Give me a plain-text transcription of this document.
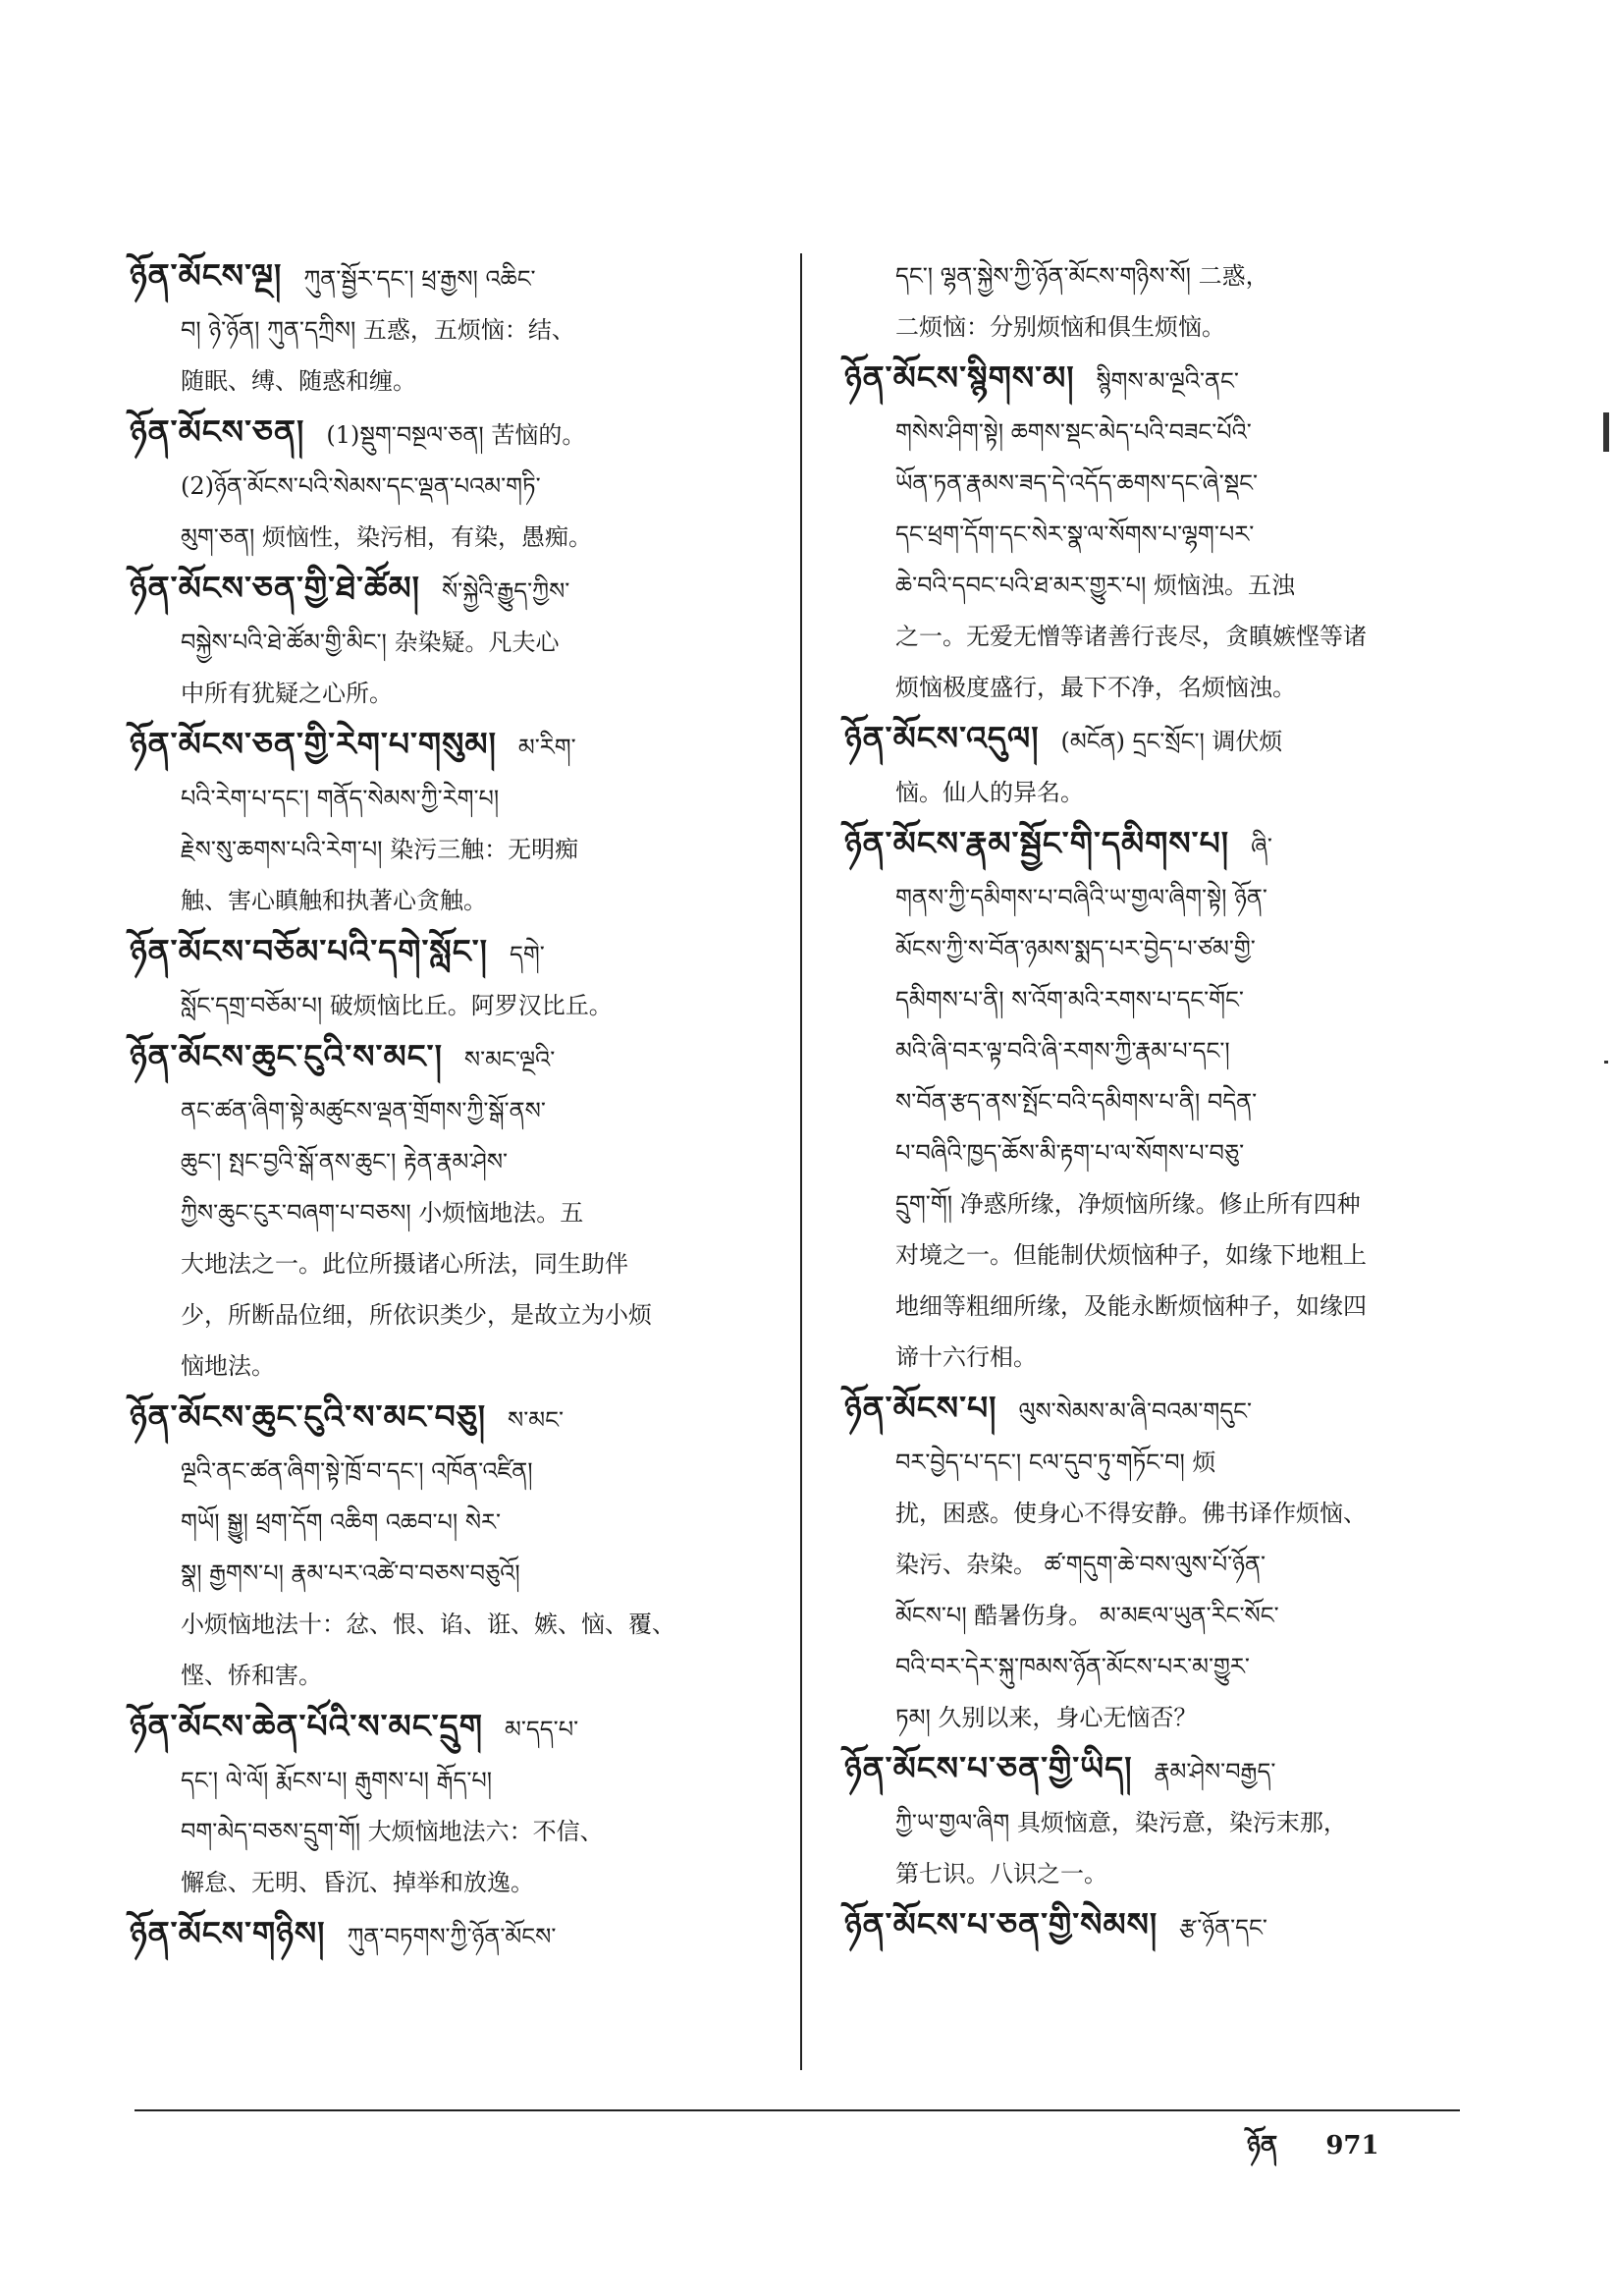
ཉོན་མོངས་ལྔ། ཀུན་སྦྱོར་དང་། ཕྲ་རྒྱས། འཆིང་
བ། ཉེ་ཉོན། ཀུན་དཀྲིས། 五惑，五烦恼：结、
随眠、缚、随惑和缠。
ཉོན་མོངས་ཅན། (1)སྡུག་བསྔལ་ཅན། 苦恼的。
(2)ཉོན་མོངས་པའི་སེམས་དང་ལྡན་པའམ་གཏི་
མུག་ཅན། 烦恼性，染污相，有染，愚痴。
ཉོན་མོངས་ཅན་གྱི་ཐེ་ཚོམ། སོ་སྐྱེའི་རྒྱུད་ཀྱིས་
བསྐྱེས་པའི་ཐེ་ཚོམ་གྱི་མིང་། 杂染疑。凡夫心
中所有犹疑之心所。
ཉོན་མོངས་ཅན་གྱི་རེག་པ་གསུམ། མ་རིག་
པའི་རེག་པ་དང་། གནོད་སེམས་ཀྱི་རེག་པ།
རྗེས་སུ་ཆགས་པའི་རེག་པ། 染污三触：无明痴
触、害心瞋触和执著心贪触。
ཉོན་མོངས་བཅོམ་པའི་དགེ་སློང་། དགེ་
སློང་དགྲ་བཅོམ་པ། 破烦恼比丘。阿罗汉比丘。
ཉོན་མོངས་ཆུང་ངུའི་ས་མང་། ས་མང་ལྔའི་
ནང་ཚན་ཞིག་སྟེ་མཚུངས་ལྡན་གྲོགས་ཀྱི་སྒོ་ནས་
ཆུང་། སྤང་བྱའི་སྒོ་ནས་ཆུང་། རྟེན་རྣམ་ཤེས་
ཀྱིས་ཆུང་ངུར་བཞག་པ་བཅས། 小烦恼地法。五
大地法之一。此位所摄诸心所法，同生助伴
少，所断品位细，所依识类少，是故立为小烦
恼地法。
ཉོན་མོངས་ཆུང་ངུའི་ས་མང་བཅུ། ས་མང་
ལྔའི་ནང་ཚན་ཞིག་སྟེ་ཁྲོ་བ་དང་། འཁོན་འཛིན།
གཡོ། སྒྱུ། ཕྲག་དོག འཆིག འཆབ་པ། སེར་
སྣ། རྒྱགས་པ། རྣམ་པར་འཚེ་བ་བཅས་བཅུའོ།
小烦恼地法十：忿、恨、谄、诳、嫉、恼、覆、
悭、㤭和害。
ཉོན་མོངས་ཆེན་པོའི་ས་མང་དྲུག མ་དད་པ་
དང་། ལེ་ལོ། རྨོངས་པ། རྒུགས་པ། རྒོད་པ།
བག་མེད་བཅས་དྲུག་གོ། 大烦恼地法六：不信、
懈怠、无明、昏沉、掉举和放逸。
ཉོན་མོངས་གཉིས། ཀུན་བཏགས་ཀྱི་ཉོན་མོངས་
དང་། ལྷན་སྐྱེས་ཀྱི་ཉོན་མོངས་གཉིས་སོ། 二惑，
二烦恼：分别烦恼和俱生烦恼。
ཉོན་མོངས་སྙིགས་མ། སྙིགས་མ་ལྔའི་ནང་
གསེས་ཤིག་སྟེ། ཆགས་སྡང་མེད་པའི་བཟང་པོའི་
ཡོན་ཏན་རྣམས་ཟད་དེ་འདོད་ཆགས་དང་ཞེ་སྡང་
དང་ཕྲག་དོག་དང་སེར་སྣ་ལ་སོགས་པ་ལྷག་པར་
ཆེ་བའི་དབང་པའི་ཐ་མར་གྱུར་པ། 烦恼浊。五浊
之一。无爱无憎等诸善行丧尽，贪瞋嫉悭等诸
烦恼极度盛行，最下不净，名烦恼浊。
ཉོན་མོངས་འདུལ། (མངོན) དྲང་སྲོང་། 调伏烦
恼。仙人的异名。
ཉོན་མོངས་རྣམ་སྦྱོང་གི་དམིགས་པ། ཞི་
གནས་ཀྱི་དམིགས་པ་བཞིའི་ཡ་གྱལ་ཞིག་སྟེ། ཉོན་
མོངས་ཀྱི་ས་བོན་ཉམས་སྨད་པར་བྱེད་པ་ཙམ་གྱི་
དམིགས་པ་ནི། ས་འོག་མའི་རགས་པ་དང་གོང་
མའི་ཞི་བར་ལྟ་བའི་ཞི་རགས་ཀྱི་རྣམ་པ་དང་།
ས་བོན་རྩད་ནས་སྤོང་བའི་དམིགས་པ་ནི། བདེན་
པ་བཞིའི་ཁྱད་ཆོས་མི་རྟག་པ་ལ་སོགས་པ་བཅུ་
དྲུག་གོ། 净惑所缘，净烦恼所缘。修止所有四种
对境之一。但能制伏烦恼种子，如缘下地粗上
地细等粗细所缘，及能永断烦恼种子，如缘四
谛十六行相。
ཉོན་མོངས་པ། ལུས་སེམས་མ་ཞི་བའམ་གདུང་
བར་བྱེད་པ་དང་། ངལ་དུབ་ཏུ་གཏོང་བ། 烦
扰，困惑。使身心不得安静。佛书译作烦恼、
染污、杂染。 ཚ་གདུག་ཆེ་བས་ལུས་པོ་ཉོན་
མོངས་པ། 酷暑伤身。 མ་མཇལ་ཡུན་རིང་སོང་
བའི་བར་དེར་སྐུ་ཁམས་ཉོན་མོངས་པར་མ་གྱུར་
ཏམ། 久别以来，身心无恼否？
ཉོན་མོངས་པ་ཅན་གྱི་ཡིད། རྣམ་ཤེས་བརྒྱད་
ཀྱི་ཡ་གྱལ་ཞིག 具烦恼意，染污意，染污末那，
第七识。八识之一。
ཉོན་མོངས་པ་ཅན་གྱི་སེམས། རྩ་ཉོན་དང་
ཉོན 971
